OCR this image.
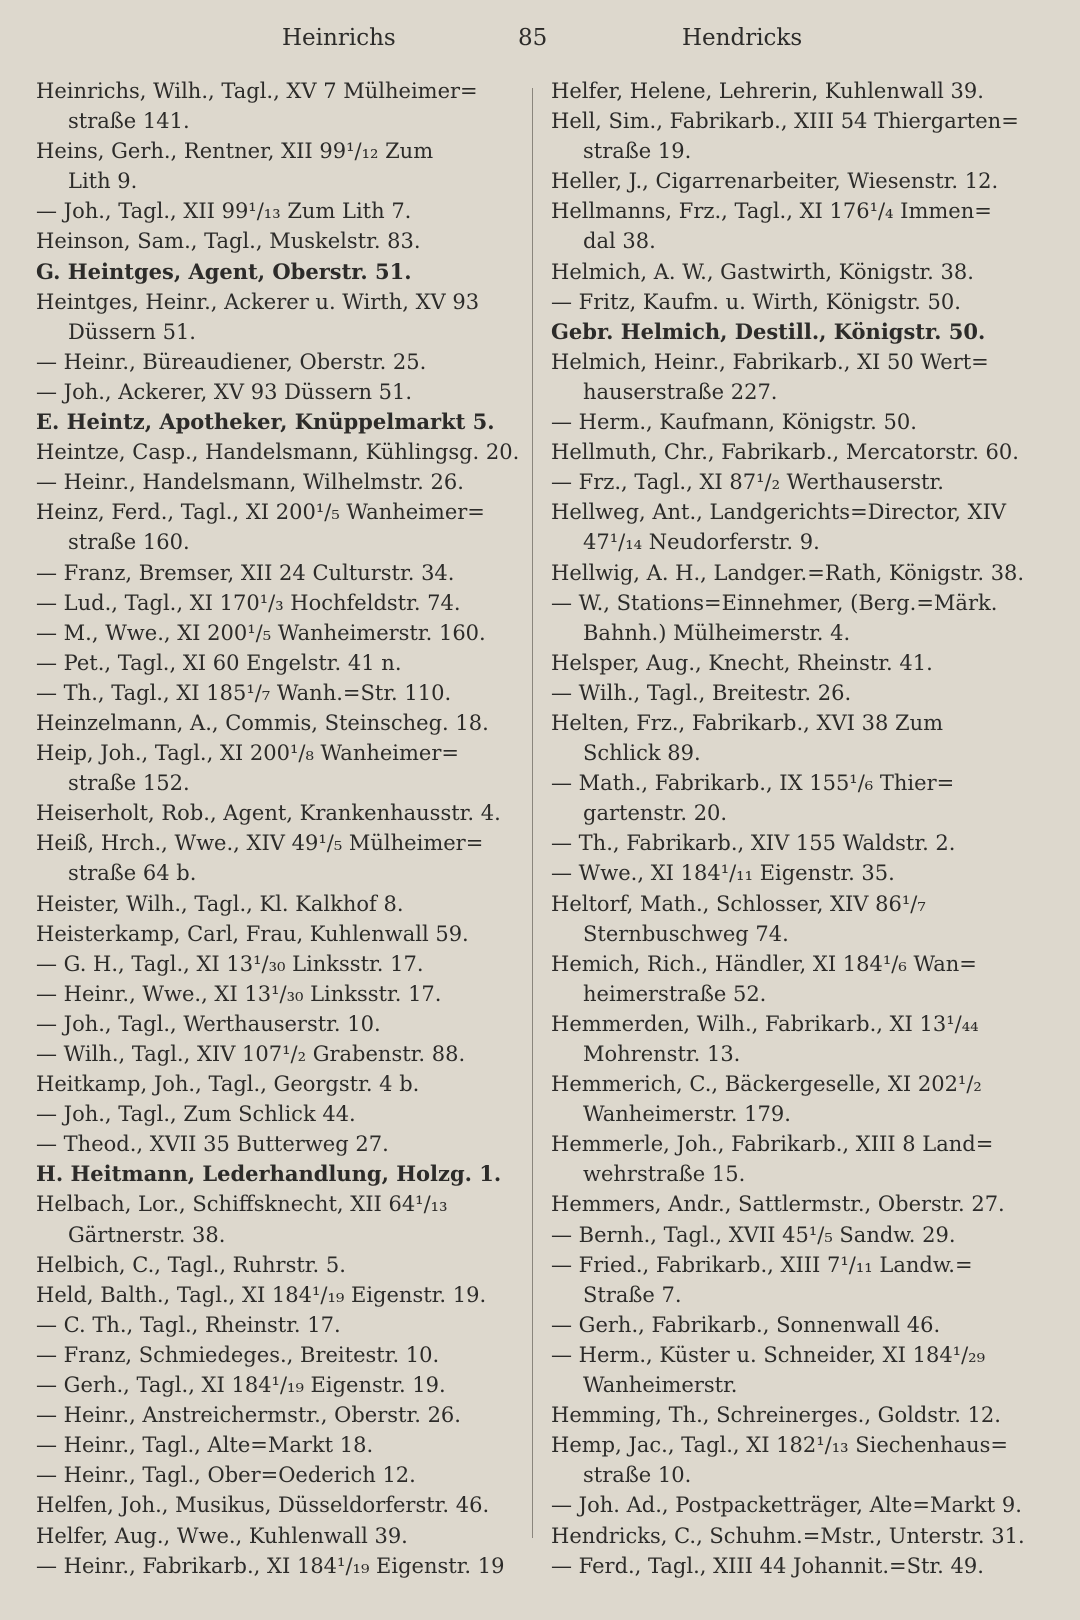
Heinrichs	85	Hendricks
Heinrichs, Wilh., Tagl., XV 7 Mülheimer=
straße 141.
Heins, Gerh., Rentner, XII 99¹/₁₂ Zum
Lith 9.
— Joh., Tagl., XII 99¹/₁₃ Zum Lith 7.
Heinson, Sam., Tagl., Muskelstr. 83.
G. Heintges, Agent, Oberstr. 51.
Heintges, Heinr., Ackerer u. Wirth, XV 93
Düssern 51.
— Heinr., Büreaudiener, Oberstr. 25.
— Joh., Ackerer, XV 93 Düssern 51.
E. Heintz, Apotheker, Knüppelmarkt 5.
Heintze, Casp., Handelsmann, Kühlingsg. 20.
— Heinr., Handelsmann, Wilhelmstr. 26.
Heinz, Ferd., Tagl., XI 200¹/₅ Wanheimer=
straße 160.
— Franz, Bremser, XII 24 Culturstr. 34.
— Lud., Tagl., XI 170¹/₃ Hochfeldstr. 74.
— M., Wwe., XI 200¹/₅ Wanheimerstr. 160.
— Pet., Tagl., XI 60 Engelstr. 41 n.
— Th., Tagl., XI 185¹/₇ Wanh.=Str. 110.
Heinzelmann, A., Commis, Steinscheg. 18.
Heip, Joh., Tagl., XI 200¹/₈ Wanheimer=
straße 152.
Heiserholt, Rob., Agent, Krankenhausstr. 4.
Heiß, Hrch., Wwe., XIV 49¹/₅ Mülheimer=
straße 64 b.
Heister, Wilh., Tagl., Kl. Kalkhof 8.
Heisterkamp, Carl, Frau, Kuhlenwall 59.
— G. H., Tagl., XI 13¹/₃₀ Linksstr. 17.
— Heinr., Wwe., XI 13¹/₃₀ Linksstr. 17.
— Joh., Tagl., Werthauserstr. 10.
— Wilh., Tagl., XIV 107¹/₂ Grabenstr. 88.
Heitkamp, Joh., Tagl., Georgstr. 4 b.
— Joh., Tagl., Zum Schlick 44.
— Theod., XVII 35 Butterweg 27.
H. Heitmann, Lederhandlung, Holzg. 1.
Helbach, Lor., Schiffsknecht, XII 64¹/₁₃
Gärtnerstr. 38.
Helbich, C., Tagl., Ruhrstr. 5.
Held, Balth., Tagl., XI 184¹/₁₉ Eigenstr. 19.
— C. Th., Tagl., Rheinstr. 17.
— Franz, Schmiedeges., Breitestr. 10.
— Gerh., Tagl., XI 184¹/₁₉ Eigenstr. 19.
— Heinr., Anstreichermstr., Oberstr. 26.
— Heinr., Tagl., Alte=Markt 18.
— Heinr., Tagl., Ober=Oederich 12.
Helfen, Joh., Musikus, Düsseldorferstr. 46.
Helfer, Aug., Wwe., Kuhlenwall 39.
— Heinr., Fabrikarb., XI 184¹/₁₉ Eigenstr. 19
Helfer, Helene, Lehrerin, Kuhlenwall 39.
Hell, Sim., Fabrikarb., XIII 54 Thiergarten=
straße 19.
Heller, J., Cigarrenarbeiter, Wiesenstr. 12.
Hellmanns, Frz., Tagl., XI 176¹/₄ Immen=
dal 38.
Helmich, A. W., Gastwirth, Königstr. 38.
— Fritz, Kaufm. u. Wirth, Königstr. 50.
Gebr. Helmich, Destill., Königstr. 50.
Helmich, Heinr., Fabrikarb., XI 50 Wert=
hauserstraße 227.
— Herm., Kaufmann, Königstr. 50.
Hellmuth, Chr., Fabrikarb., Mercatorstr. 60.
— Frz., Tagl., XI 87¹/₂ Werthauserstr.
Hellweg, Ant., Landgerichts=Director, XIV
47¹/₁₄ Neudorferstr. 9.
Hellwig, A. H., Landger.=Rath, Königstr. 38.
— W., Stations=Einnehmer, (Berg.=Märk.
Bahnh.) Mülheimerstr. 4.
Helsper, Aug., Knecht, Rheinstr. 41.
— Wilh., Tagl., Breitestr. 26.
Helten, Frz., Fabrikarb., XVI 38 Zum
Schlick 89.
— Math., Fabrikarb., IX 155¹/₆ Thier=
gartenstr. 20.
— Th., Fabrikarb., XIV 155 Waldstr. 2.
— Wwe., XI 184¹/₁₁ Eigenstr. 35.
Heltorf, Math., Schlosser, XIV 86¹/₇
Sternbuschweg 74.
Hemich, Rich., Händler, XI 184¹/₆ Wan=
heimerstraße 52.
Hemmerden, Wilh., Fabrikarb., XI 13¹/₄₄
Mohrenstr. 13.
Hemmerich, C., Bäckergeselle, XI 202¹/₂
Wanheimerstr. 179.
Hemmerle, Joh., Fabrikarb., XIII 8 Land=
wehrstraße 15.
Hemmers, Andr., Sattlermstr., Oberstr. 27.
— Bernh., Tagl., XVII 45¹/₅ Sandw. 29.
— Fried., Fabrikarb., XIII 7¹/₁₁ Landw.=
Straße 7.
— Gerh., Fabrikarb., Sonnenwall 46.
— Herm., Küster u. Schneider, XI 184¹/₂₉
Wanheimerstr.
Hemming, Th., Schreinerges., Goldstr. 12.
Hemp, Jac., Tagl., XI 182¹/₁₃ Siechenhaus=
straße 10.
— Joh. Ad., Postpacketträger, Alte=Markt 9.
Hendricks, C., Schuhm.=Mstr., Unterstr. 31.
— Ferd., Tagl., XIII 44 Johannit.=Str. 49.
